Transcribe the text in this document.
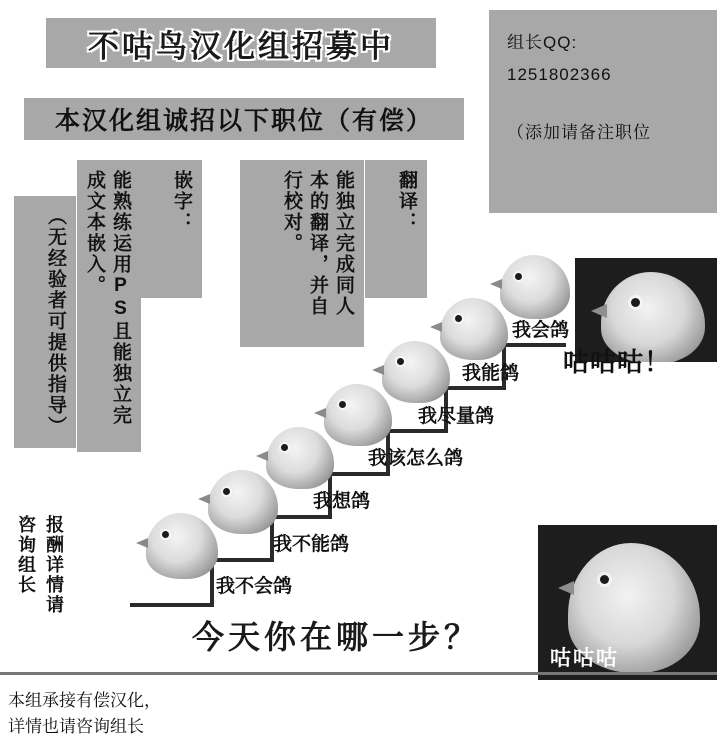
不咕鸟汉化组招募中
本汉化组诚招以下职位（有偿）
组长QQ:
1251802366
（添加请备注职位
翻译：
能独立完成同人本的翻译，并自行校对。
嵌字：
能熟练运用PS且能独立完成文本嵌入。
（无经验者可提供指导）
报酬详情请咨询组长	我不会鸽
我不能鸽
我想鸽
我该怎么鸽
我尽量鸽
我能鸽
我会鸽
咕咕咕！
咕咕咕
今天你在哪一步？
本组承接有偿汉化，
详情也请咨询组长
